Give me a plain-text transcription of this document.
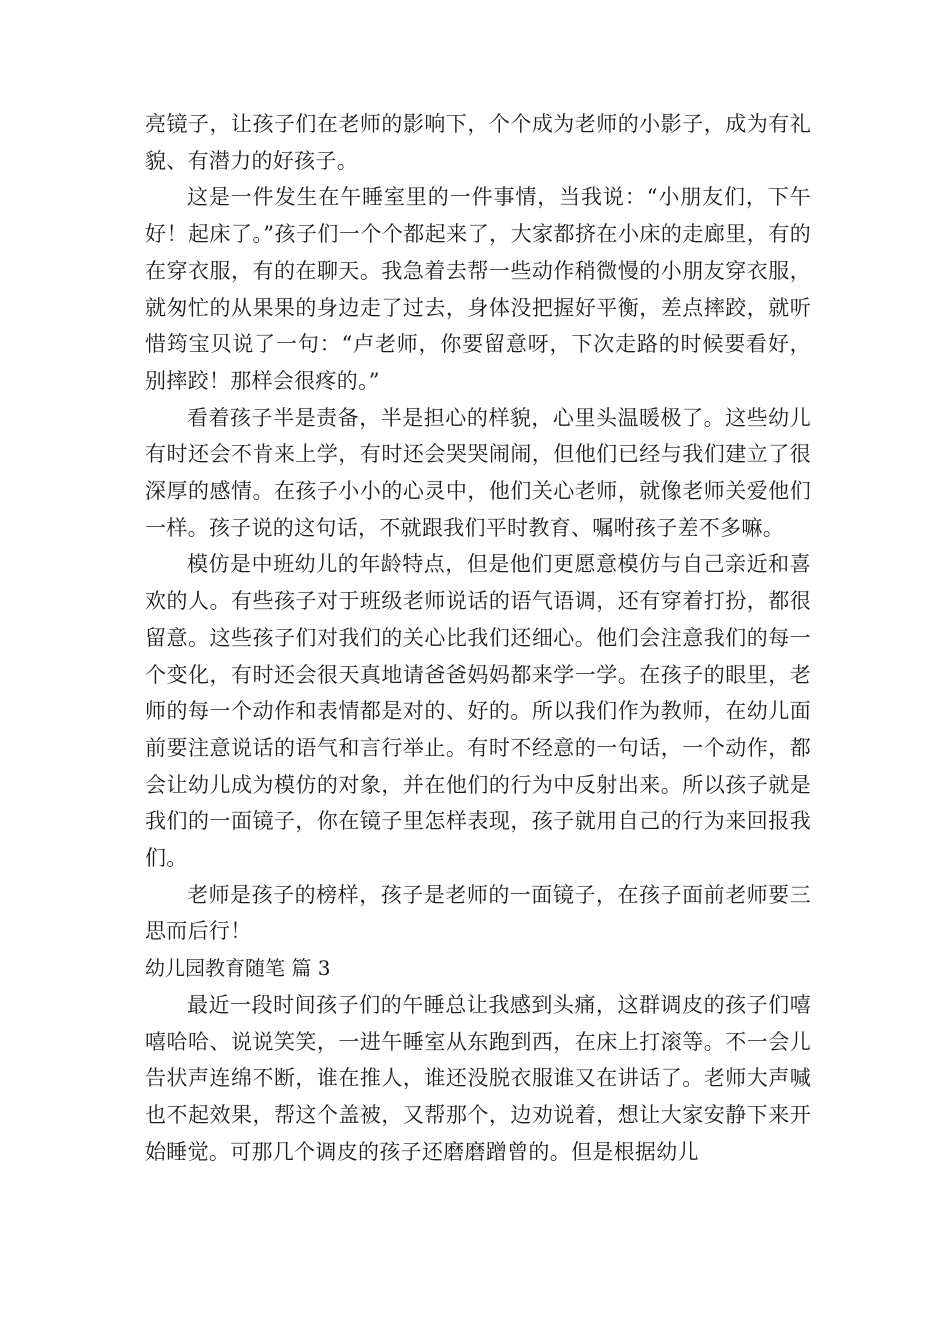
亮镜子，让孩子们在老师的影响下，个个成为老师的小影子，成为有礼貌、有潜力的好孩子。

这是一件发生在午睡室里的一件事情，当我说：“小朋友们，下午好！起床了。”孩子们一个个都起来了，大家都挤在小床的走廊里，有的在穿衣服，有的在聊天。我急着去帮一些动作稍微慢的小朋友穿衣服，就匆忙的从果果的身边走了过去，身体没把握好平衡，差点摔跤，就听惜筠宝贝说了一句：“卢老师，你要留意呀，下次走路的时候要看好，别摔跤！那样会很疼的。”

看着孩子半是责备，半是担心的样貌，心里头温暖极了。这些幼儿有时还会不肯来上学，有时还会哭哭闹闹，但他们已经与我们建立了很深厚的感情。在孩子小小的心灵中，他们关心老师，就像老师关爱他们一样。孩子说的这句话，不就跟我们平时教育、嘱咐孩子差不多嘛。

模仿是中班幼儿的年龄特点，但是他们更愿意模仿与自己亲近和喜欢的人。有些孩子对于班级老师说话的语气语调，还有穿着打扮，都很留意。这些孩子们对我们的关心比我们还细心。他们会注意我们的每一个变化，有时还会很天真地请爸爸妈妈都来学一学。在孩子的眼里，老师的每一个动作和表情都是对的、好的。所以我们作为教师，在幼儿面前要注意说话的语气和言行举止。有时不经意的一句话，一个动作，都会让幼儿成为模仿的对象，并在他们的行为中反射出来。所以孩子就是我们的一面镜子，你在镜子里怎样表现，孩子就用自己的行为来回报我们。

老师是孩子的榜样，孩子是老师的一面镜子，在孩子面前老师要三思而后行！

幼儿园教育随笔 篇 3

最近一段时间孩子们的午睡总让我感到头痛，这群调皮的孩子们嘻嘻哈哈、说说笑笑，一进午睡室从东跑到西，在床上打滚等。不一会儿告状声连绵不断，谁在推人，谁还没脱衣服谁又在讲话了。老师大声喊也不起效果，帮这个盖被，又帮那个，边劝说着，想让大家安静下来开始睡觉。可那几个调皮的孩子还磨磨蹭曾的。但是根据幼儿
